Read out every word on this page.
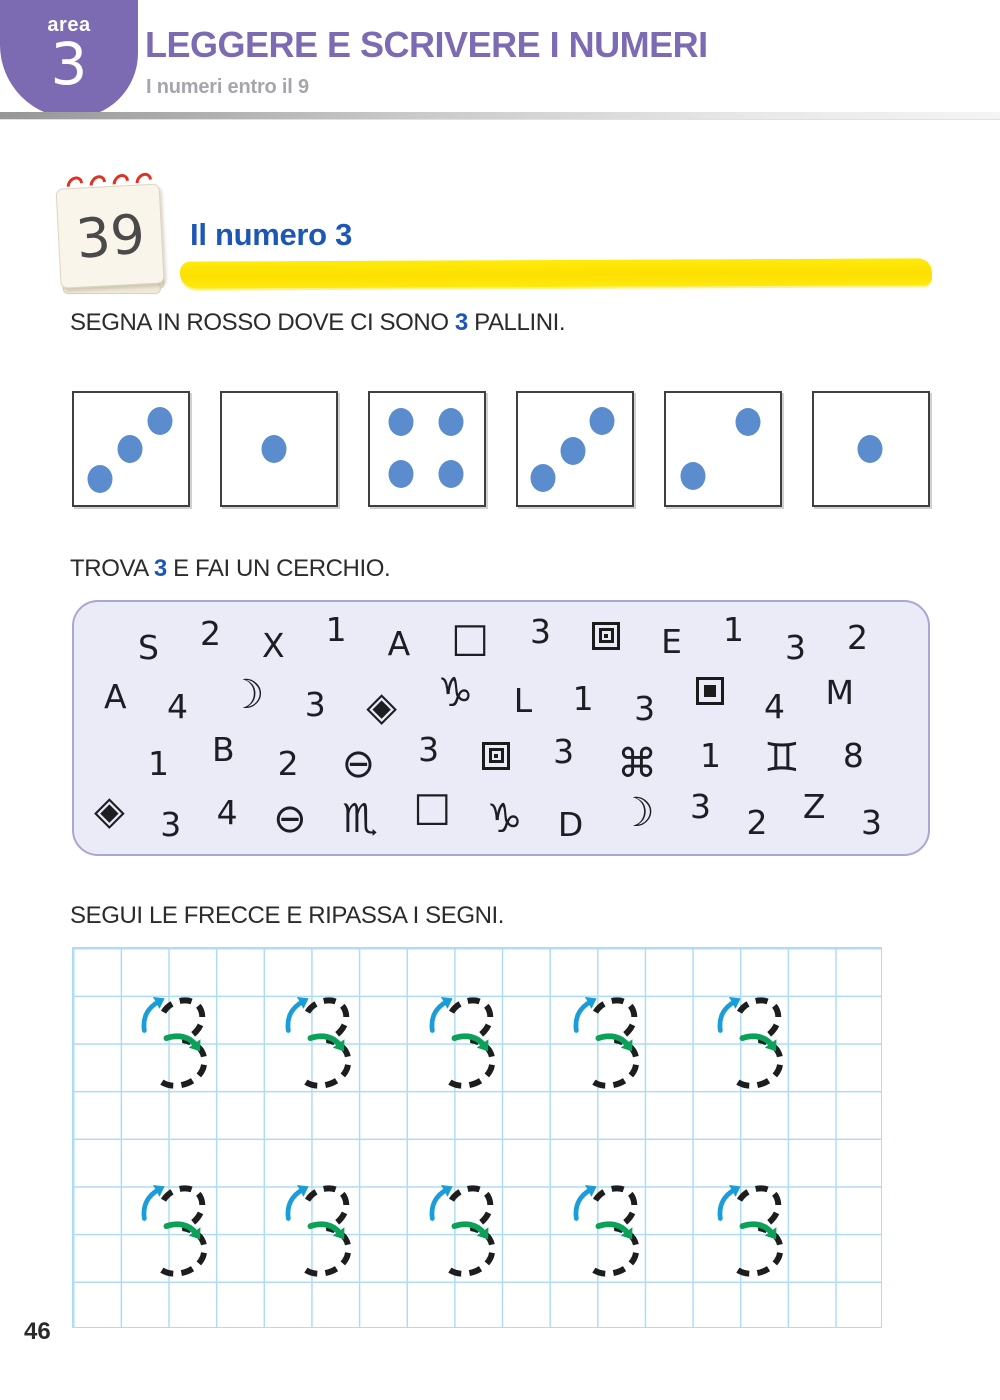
area
3	LEGGERE E SCRIVERE I NUMERI
I numeri entro il 9
39 Il numero 3
SEGNA IN ROSSO DOVE CI SONO 3 PALLINI.
TROVA 3 E FAI UN CERCHIO.
S 2 X 1 A □ 3	E 1 3 2
A 4 ☽ 3 ◈ ♑ L 1 3	4 M
1 B 2 ⊖ 3	3 ⌘ 1 ♊ 8
◈ 3 4 ⊖ ♏ □ ♑ D ☽ 3 2 Z 3
SEGUI LE FRECCE E RIPASSA I SEGNI.
46
